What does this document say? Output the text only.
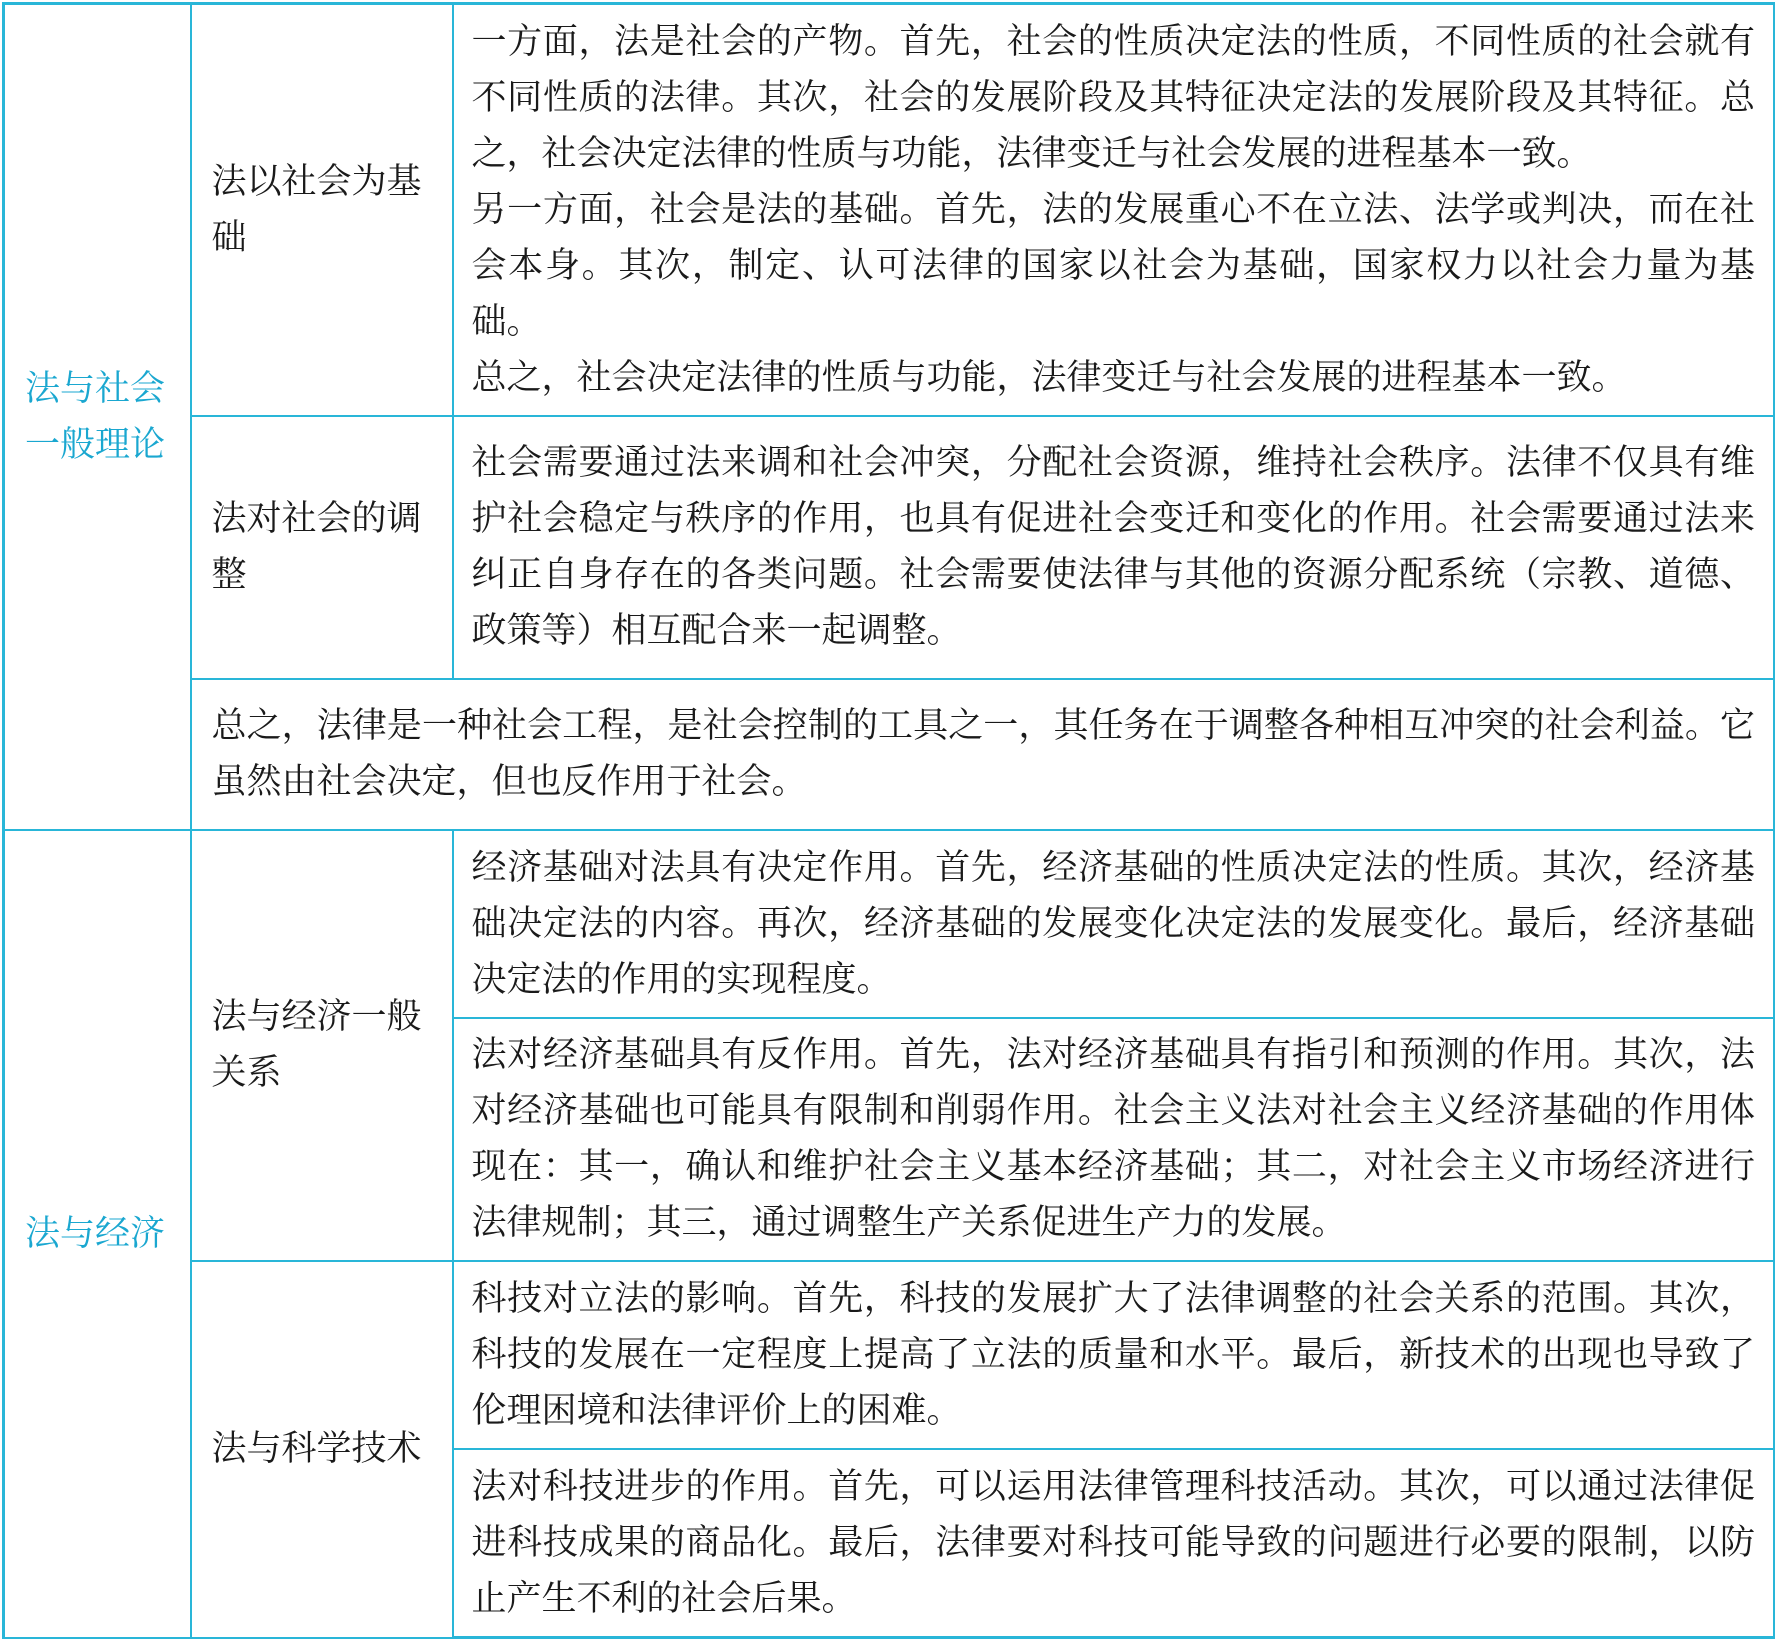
法与社会一般理论	法以社会为基础	一方面，法是社会的产物。首先，社会的性质决定法的性质，不同性质的社会就有不同性质的法律。其次，社会的发展阶段及其特征决定法的发展阶段及其特征。总之，社会决定法律的性质与功能，法律变迁与社会发展的进程基本一致。

另一方面，社会是法的基础。首先，法的发展重心不在立法、法学或判决，而在社会本身。其次，制定、认可法律的国家以社会为基础，国家权力以社会力量为基础。

总之，社会决定法律的性质与功能，法律变迁与社会发展的进程基本一致。

	法对社会的调整	社会需要通过法来调和社会冲突，分配社会资源，维持社会秩序。法律不仅具有维护社会稳定与秩序的作用，也具有促进社会变迁和变化的作用。社会需要通过法来纠正自身存在的各类问题。社会需要使法律与其他的资源分配系统（宗教、道德、政策等）相互配合来一起调整。

	总之，法律是一种社会工程，是社会控制的工具之一，其任务在于调整各种相互冲突的社会利益。它虽然由社会决定，但也反作用于社会。	
法与经济	法与经济一般关系	经济基础对法具有决定作用。首先，经济基础的性质决定法的性质。其次，经济基础决定法的内容。再次，经济基础的发展变化决定法的发展变化。最后，经济基础决定法的作用的实现程度。
		法对经济基础具有反作用。首先，法对经济基础具有指引和预测的作用。其次，法对经济基础也可能具有限制和削弱作用。社会主义法对社会主义经济基础的作用体现在：其一，确认和维护社会主义基本经济基础；其二，对社会主义市场经济进行法律规制；其三，通过调整生产关系促进生产力的发展。
	法与科学技术	科技对立法的影响。首先，科技的发展扩大了法律调整的社会关系的范围。其次，科技的发展在一定程度上提高了立法的质量和水平。最后，新技术的出现也导致了伦理困境和法律评价上的困难。
		法对科技进步的作用。首先，可以运用法律管理科技活动。其次，可以通过法律促进科技成果的商品化。最后，法律要对科技可能导致的问题进行必要的限制，以防止产生不利的社会后果。
